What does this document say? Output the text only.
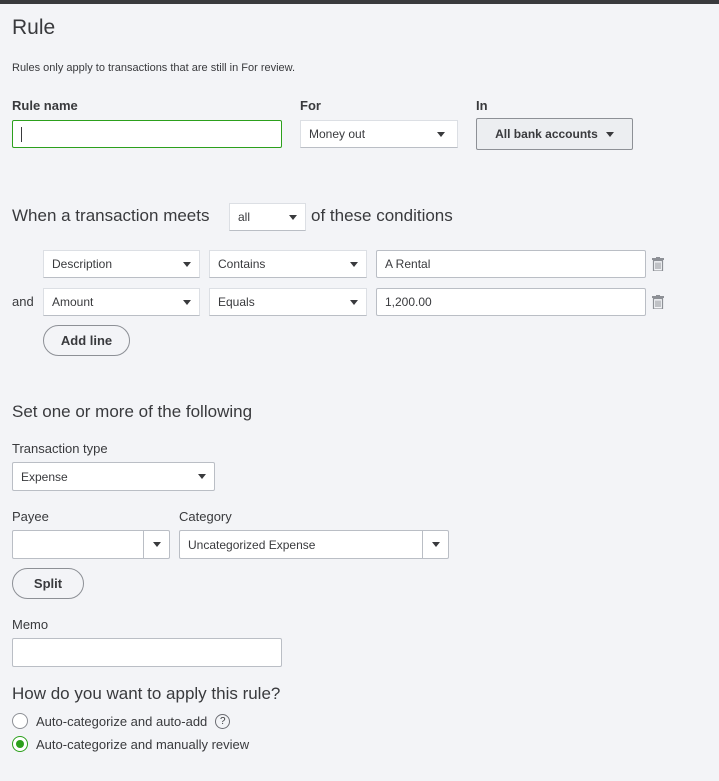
Rule
Rules only apply to transactions that are still in For review.
Rule name	For
Money out
In
All bank accounts
When a transaction meets all	of these conditions
Description	Contains	A Rental
and Amount	Equals	1,200.00
Add line
Set one or more of the following
Transaction type
Expense
Payee	Category
Uncategorized Expense
Split
Memo
How do you want to apply this rule?
Auto-categorize and auto-add	?
Auto-categorize and manually review
